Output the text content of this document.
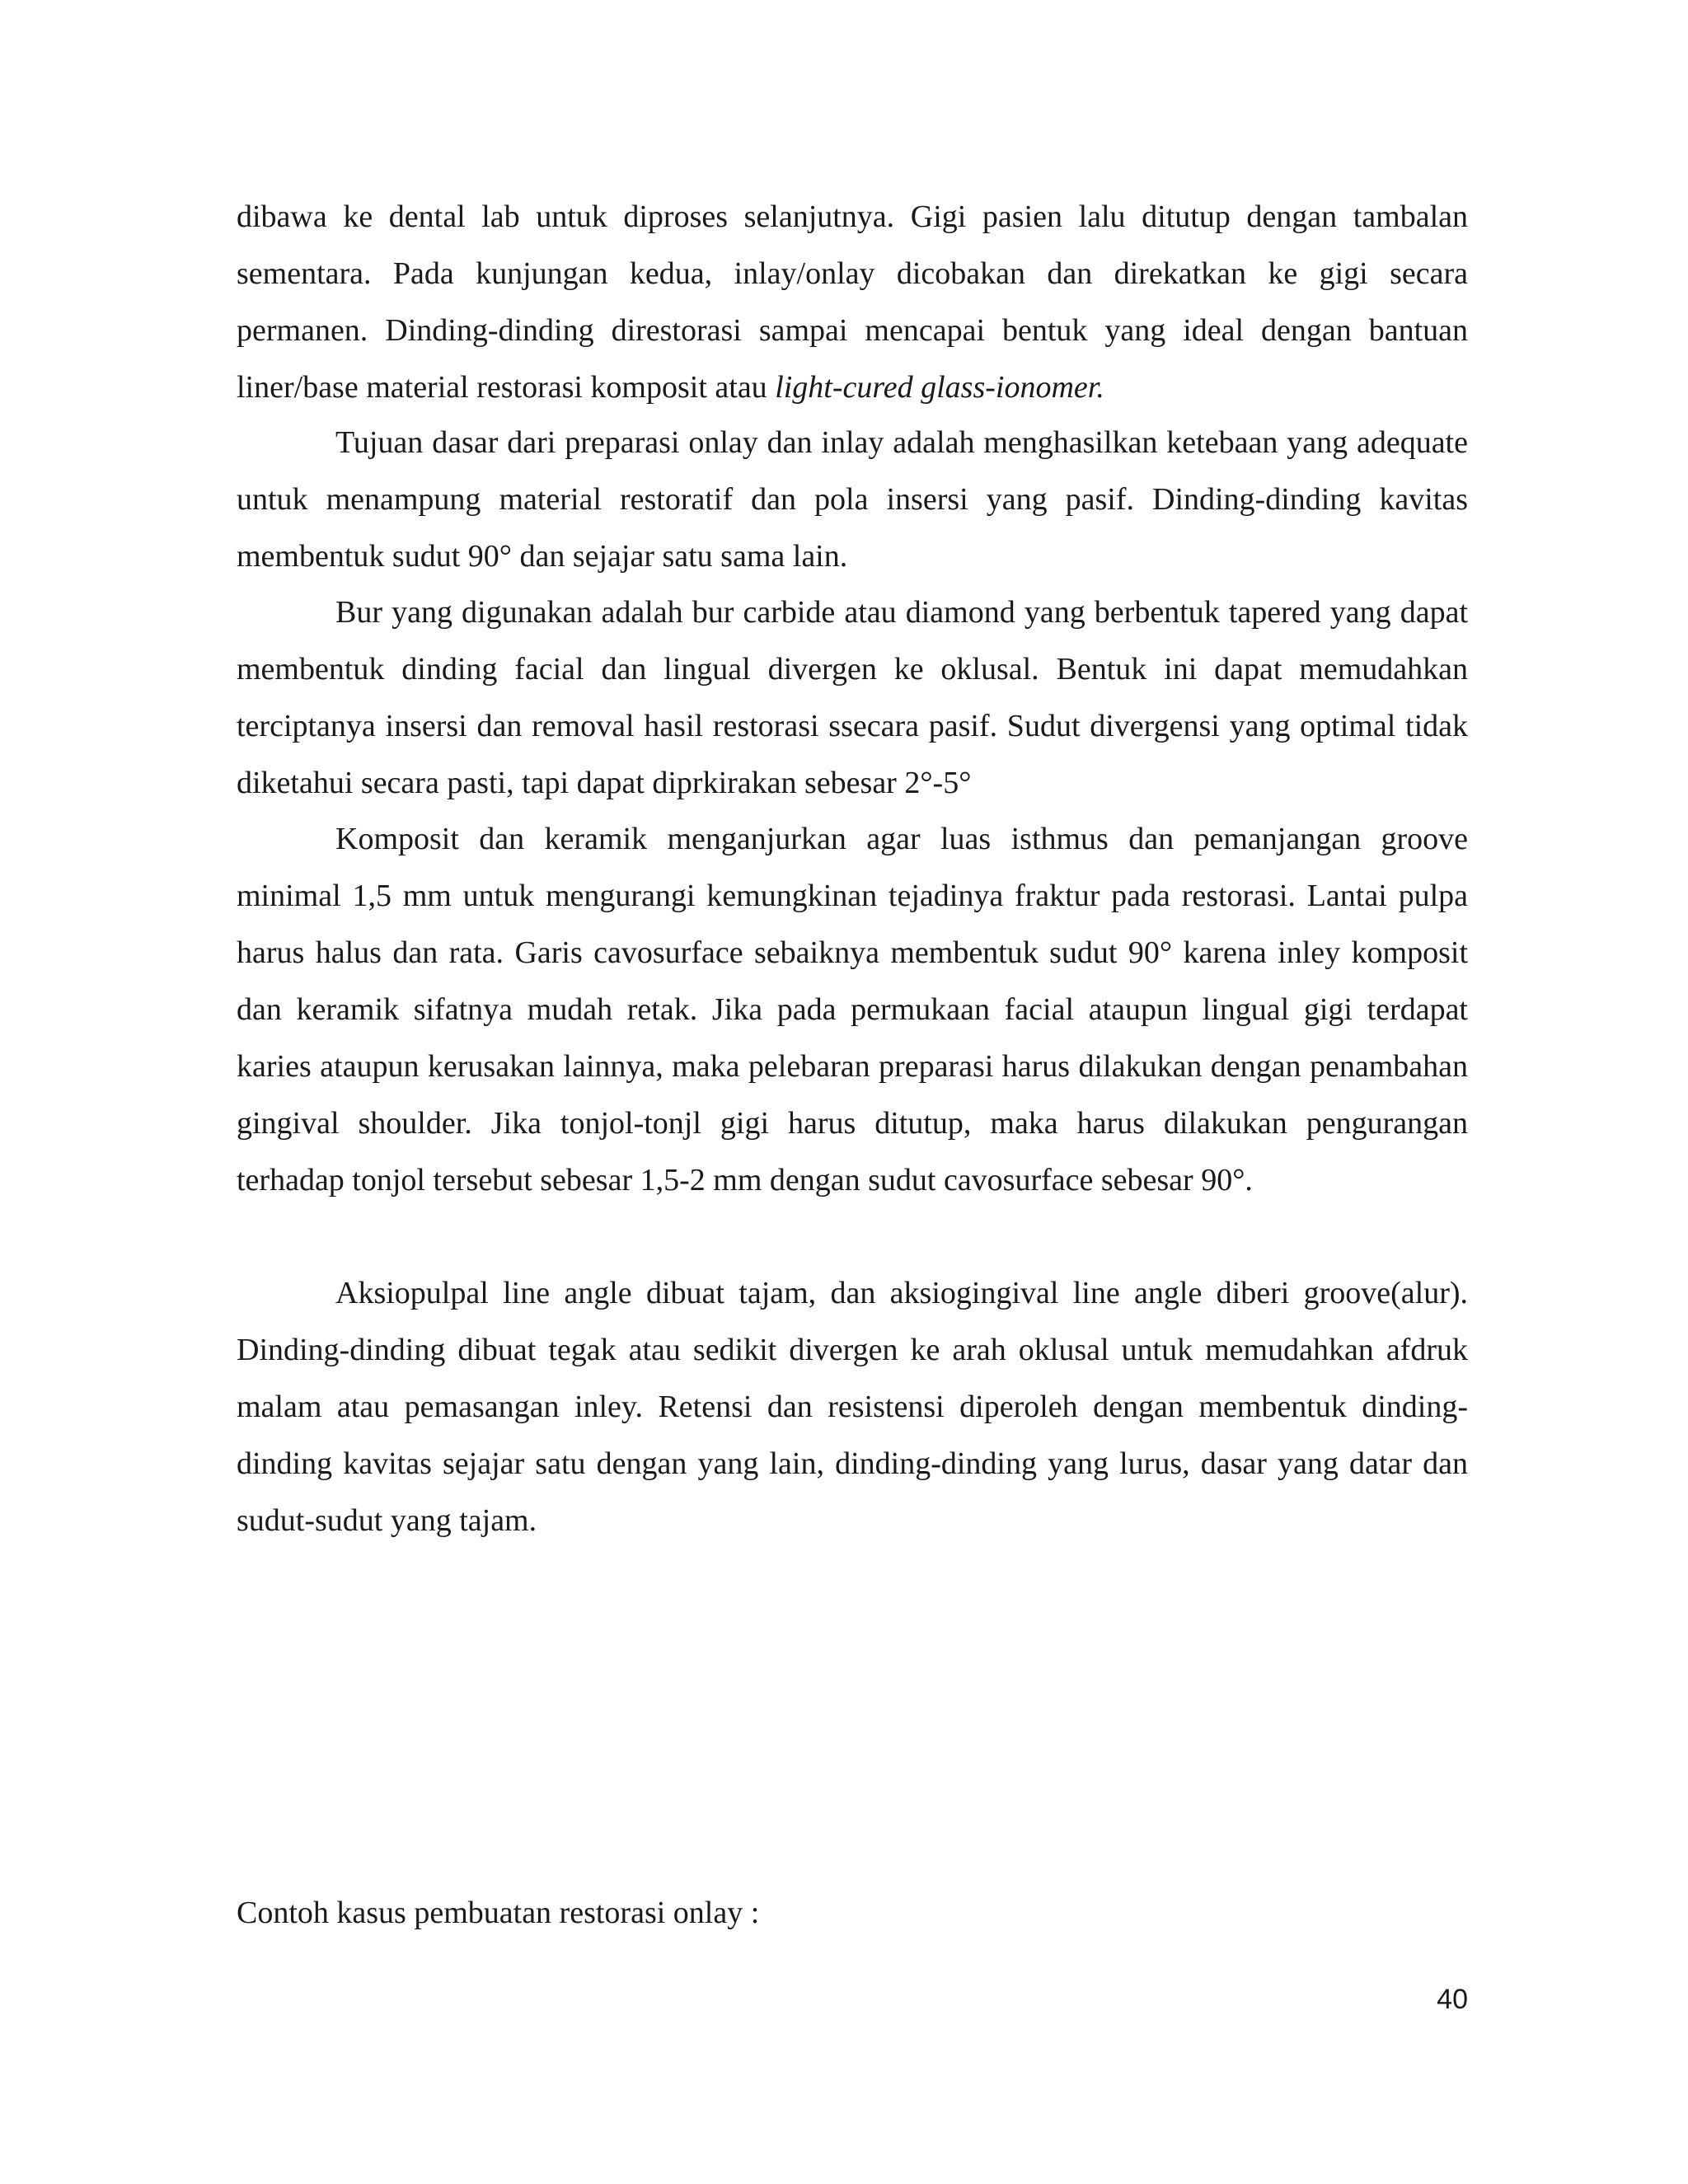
dibawa ke dental lab untuk diproses selanjutnya. Gigi pasien lalu ditutup dengan tambalan sementara. Pada kunjungan kedua, inlay/onlay dicobakan dan direkatkan ke gigi secara permanen. Dinding-dinding direstorasi sampai mencapai bentuk yang ideal dengan bantuan liner/base material restorasi komposit atau light-cured glass-ionomer.

Tujuan dasar dari preparasi onlay dan inlay adalah menghasilkan ketebaan yang adequate untuk menampung material restoratif dan pola insersi yang pasif. Dinding-dinding kavitas membentuk sudut 90° dan sejajar satu sama lain.

Bur yang digunakan adalah bur carbide atau diamond yang berbentuk tapered yang dapat membentuk dinding facial dan lingual divergen ke oklusal. Bentuk ini dapat memudahkan terciptanya insersi dan removal hasil restorasi ssecara pasif. Sudut divergensi yang optimal tidak diketahui secara pasti, tapi dapat diprkirakan sebesar 2°-5°

Komposit dan keramik menganjurkan agar luas isthmus dan pemanjangan groove minimal 1,5 mm untuk mengurangi kemungkinan tejadinya fraktur pada restorasi. Lantai pulpa harus halus dan rata. Garis cavosurface sebaiknya membentuk sudut 90° karena inley komposit dan keramik sifatnya mudah retak. Jika pada permukaan facial ataupun lingual gigi terdapat karies ataupun kerusakan lainnya, maka pelebaran preparasi harus dilakukan dengan penambahan gingival shoulder. Jika tonjol-tonjl gigi harus ditutup, maka harus dilakukan pengurangan terhadap tonjol tersebut sebesar 1,5-2 mm dengan sudut cavosurface sebesar 90°.

Aksiopulpal line angle dibuat tajam, dan aksiogingival line angle diberi groove(alur). Dinding-dinding dibuat tegak atau sedikit divergen ke arah oklusal untuk memudahkan afdruk malam atau pemasangan inley. Retensi dan resistensi diperoleh dengan membentuk dinding-dinding kavitas sejajar satu dengan yang lain, dinding-dinding yang lurus, dasar yang datar dan sudut-sudut yang tajam.

Contoh kasus pembuatan restorasi onlay :
40
